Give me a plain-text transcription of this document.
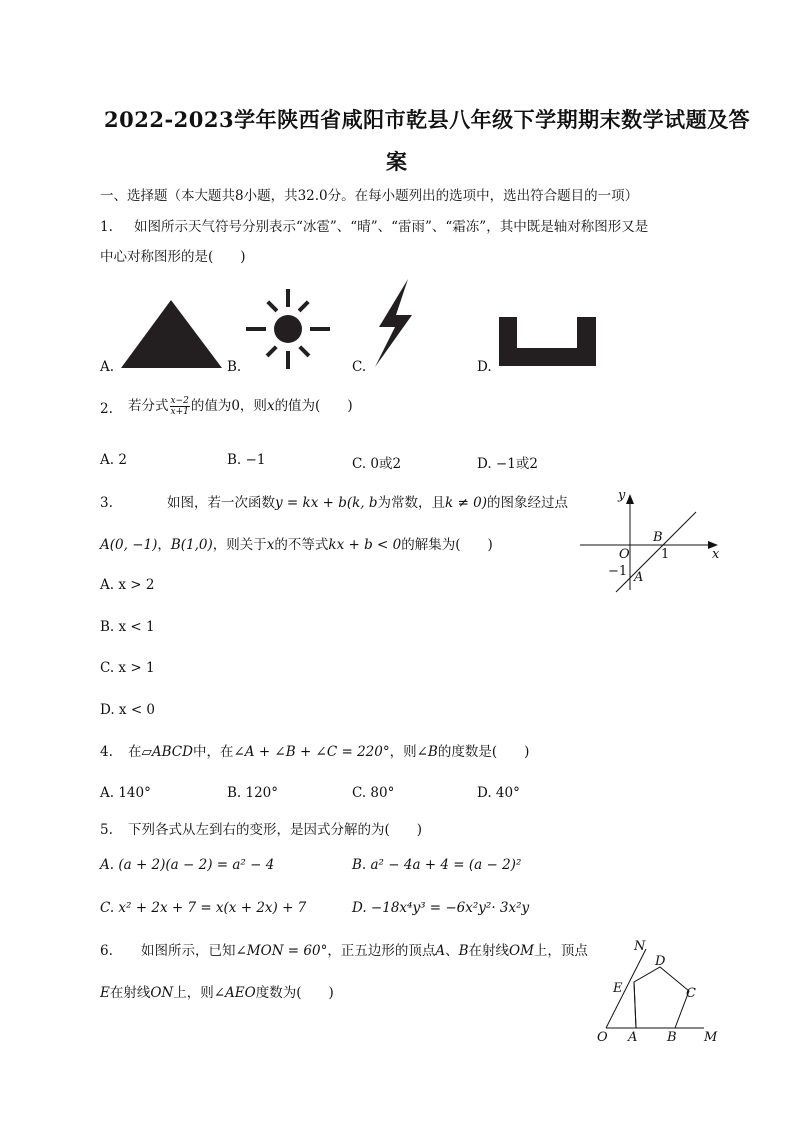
2022-2023学年陕西省咸阳市乾县八年级下学期期末数学试题及答
案
一、选择题（本大题共8小题，共32.0分。在每小题列出的选项中，选出符合题目的一项）
1. 如图所示天气符号分别表示“冰雹”、“晴”、“雷雨”、“霜冻”，其中既是轴对称图形又是
中心对称图形的是(　　)
A.	B.	C.	D.
2. 若分式 $\frac{x-2}{x+1}$ 的值为0，则x的值为(　　)
A. 2	B. −1	C. 0或2	D. −1或2
3.	如图，若一次函数y = kx + b(k, b为常数，且k ≠ 0)的图象经过点
A(0, −1)，B(1,0)，则关于x的不等式kx + b < 0的解集为(　　)
A. x > 2
B. x < 1
C. x > 1
D. x < 0
y
x
O
B
1
−1 A
4. 在▱ABCD中，在∠A + ∠B + ∠C = 220°，则∠B的度数是(　　)
A. 140°	B. 120°	C. 80°	D. 40°
5. 下列各式从左到右的变形，是因式分解的为(　　)
A. (a + 2)(a − 2) = a² − 4	B. a² − 4a + 4 = (a − 2)²
C. x² + 2x + 7 = x(x + 2x) + 7	D. −18x⁴y³ = −6x²y²· 3x²y
6. 如图所示，已知∠MON = 60°，正五边形的顶点A、B在射线OM上，顶点
E在射线ON上，则∠AEO度数为(　　)
N
D
E	C
O A B M
